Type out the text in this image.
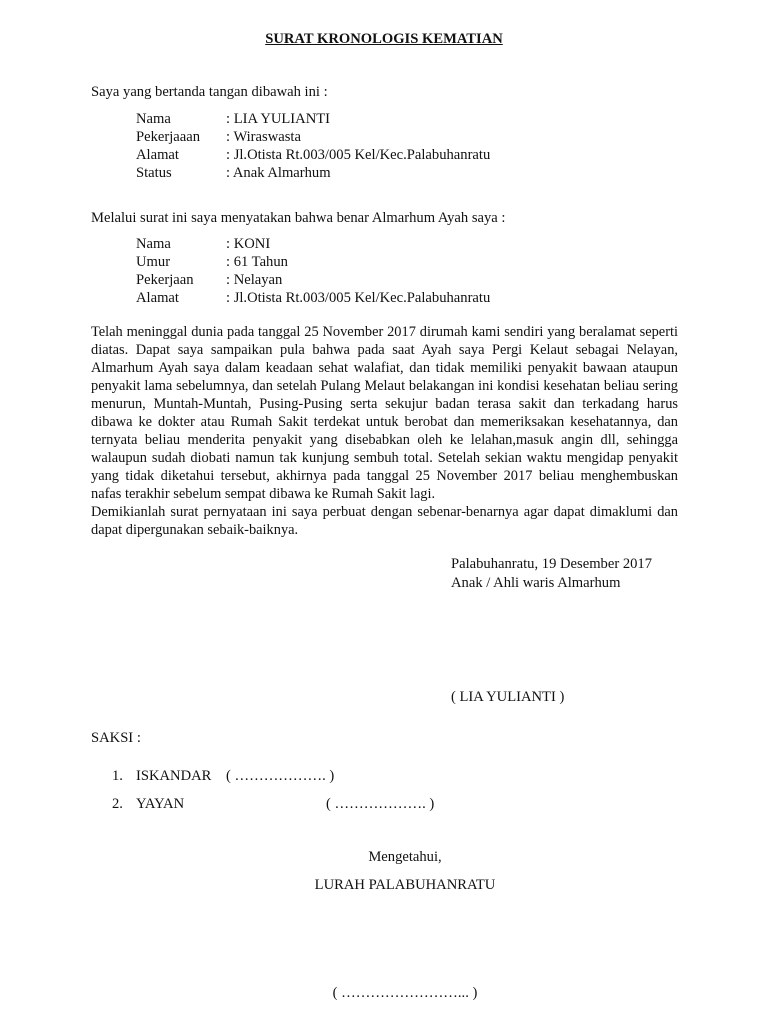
SURAT KRONOLOGIS KEMATIAN
Saya yang bertanda tangan dibawah ini :
Nama	: LIA YULIANTI
Pekerjaaan	: Wiraswasta
Alamat	: Jl.Otista Rt.003/005 Kel/Kec.Palabuhanratu
Status	: Anak Almarhum
Melalui surat ini saya menyatakan bahwa benar Almarhum Ayah saya :
Nama	: KONI
Umur	: 61 Tahun
Pekerjaan	: Nelayan
Alamat	: Jl.Otista Rt.003/005 Kel/Kec.Palabuhanratu

Telah meninggal dunia pada tanggal 25 November 2017 dirumah kami sendiri yang beralamat seperti diatas. Dapat saya sampaikan pula bahwa pada saat Ayah saya Pergi Kelaut sebagai Nelayan, Almarhum Ayah saya dalam keadaan sehat walafiat, dan tidak memiliki penyakit bawaan ataupun penyakit lama sebelumnya, dan setelah Pulang Melaut belakangan ini kondisi kesehatan beliau sering menurun, Muntah-Muntah, Pusing-Pusing serta sekujur badan terasa sakit dan terkadang harus dibawa ke dokter atau Rumah Sakit terdekat untuk berobat dan memeriksakan kesehatannya, dan ternyata beliau menderita penyakit yang disebabkan oleh ke lelahan,masuk angin dll, sehingga walaupun sudah diobati namun tak kunjung sembuh total. Setelah sekian waktu mengidap penyakit yang tidak diketahui tersebut, akhirnya pada tanggal 25 November 2017 beliau menghembuskan nafas terakhir sebelum sempat dibawa ke Rumah Sakit lagi.

Demikianlah surat pernyataan ini saya perbuat dengan sebenar-benarnya agar dapat dimaklumi dan dapat dipergunakan sebaik-baiknya.

Palabuhanratu, 19 Desember 2017
Anak / Ahli waris Almarhum
( LIA YULIANTI )
SAKSI :
1. ISKANDAR ( ………………. )
2. YAYAN	( ………………. )
Mengetahui,
LURAH PALABUHANRATU
( ……………………... )
